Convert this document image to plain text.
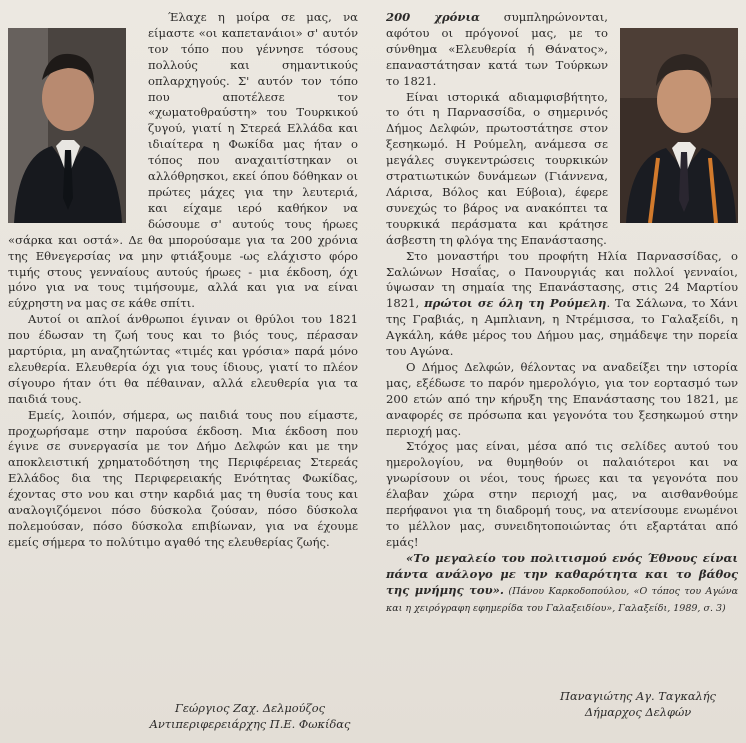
Έλαχε η μοίρα σε μας, να είμαστε «οι καπετανάιοι» σ' αυτόν τον τόπο που γέννησε τόσους πολλούς και σημαντικούς οπλαρχηγούς. Σ' αυτόν τον τόπο που αποτέλεσε τον «χωματοθραύστη» του Τουρκικού ζυγού, γιατί η Στερεά Ελλάδα και ιδιαίτερα η Φωκίδα μας ήταν ο τόπος που αναχαιτίστηκαν οι αλλόθρησκοι, εκεί όπου δόθηκαν οι πρώτες μάχες για την λευτεριά, και είχαμε ιερό καθήκον να δώσουμε σ' αυτούς τους ήρωες «σάρκα και οστά». Δε θα μπορούσαμε για τα 200 χρόνια της Εθνεγερσίας να μην φτιάξουμε -ως ελάχιστο φόρο τιμής στους γενναίους αυτούς ήρωες - μια έκδοση, όχι μόνο για να τους τιμήσουμε, αλλά και για να είναι εύχρηστη να μας σε κάθε σπίτι.

Αυτοί οι απλοί άνθρωποι έγιναν οι θρύλοι του 1821 που έδωσαν τη ζωή τους και το βιός τους, πέρασαν μαρτύρια, μη αναζητώντας «τιμές και γρόσια» παρά μόνο ελευθερία. Ελευθερία όχι για τους ίδιους, γιατί το πλέον σίγουρο ήταν ότι θα πέθαιναν, αλλά ελευθερία για τα παιδιά τους.

Εμείς, λοιπόν, σήμερα, ως παιδιά τους που είμαστε, προχωρήσαμε στην παρούσα έκδοση. Μια έκδοση που έγινε σε συνεργασία με τον Δήμο Δελφών και με την αποκλειστική χρηματοδότηση της Περιφέρειας Στερεάς Ελλάδος δια της Περιφερειακής Ενότητας Φωκίδας, έχοντας στο νου και στην καρδιά μας τη θυσία τους και αναλογιζόμενοι πόσο δύσκολα ζούσαν, πόσο δύσκολα πολεμούσαν, πόσο δύσκολα επιβίωναν, για να έχουμε εμείς σήμερα το πολύτιμο αγαθό της ελευθερίας ζωής.

200 χρόνια συμπληρώνονται, αφότου οι πρόγονοί μας, με το σύνθημα «Ελευθερία ή Θάνατος», επαναστάτησαν κατά των Τούρκων το 1821.

Είναι ιστορικά αδιαμφισβήτητο, το ότι η Παρνασσίδα, ο σημερινός Δήμος Δελφών, πρωτοστάτησε στον ξεσηκωμό. Η Ρούμελη, ανάμεσα σε μεγάλες συγκεντρώσεις τουρκικών στρατιωτικών δυνάμεων (Γιάννενα, Λάρισα, Βόλος και Εύβοια), έφερε συνεχώς το βάρος να ανακόπτει τα τουρκικά περάσματα και κράτησε άσβεστη τη φλόγα της Επανάστασης.

Στο μοναστήρι του προφήτη Ηλία Παρνασσίδας, ο Σαλώνων Ησαΐας, ο Πανουργιάς και πολλοί γενναίοι, ύψωσαν τη σημαία της Επανάστασης, στις 24 Μαρτίου 1821, πρώτοι σε όλη τη Ρούμελη. Τα Σάλωνα, το Χάνι της Γραβιάς, η Αμπλιανη, η Ντρέμισσα, το Γαλαξείδι, η Αγκάλη, κάθε μέρος του Δήμου μας, σημάδεψε την πορεία του Αγώνα.

Ο Δήμος Δελφών, θέλοντας να αναδείξει την ιστορία μας, εξέδωσε το παρόν ημερολόγιο, για τον εορτασμό των 200 ετών από την κήρυξη της Επανάστασης του 1821, με αναφορές σε πρόσωπα και γεγονότα του ξεσηκωμού στην περιοχή μας.

Στόχος μας είναι, μέσα από τις σελίδες αυτού του ημερολογίου, να θυμηθούν οι παλαιότεροι και να γνωρίσουν οι νέοι, τους ήρωες και τα γεγονότα που έλαβαν χώρα στην περιοχή μας, να αισθανθούμε περήφανοι για τη διαδρομή τους, να ατενίσουμε ενωμένοι το μέλλον μας, συνειδητοποιώντας ότι εξαρτάται από εμάς!

«Το μεγαλείο του πολιτισμού ενός Έθνους είναι πάντα ανάλογο με την καθαρότητα και το βάθος της μνήμης του». (Πάνου Καρκοδοπούλου, «Ο τόπος του Αγώνα και η χειρόγραφη εφημερίδα του Γαλαξειδίου», Γαλαξείδι, 1989, σ. 3)

Γεώργιος Ζαχ. Δελμούζος
Αντιπεριφερειάρχης Π.Ε. Φωκίδας
Παναγιώτης Αγ. Ταγκαλής
Δήμαρχος Δελφών
